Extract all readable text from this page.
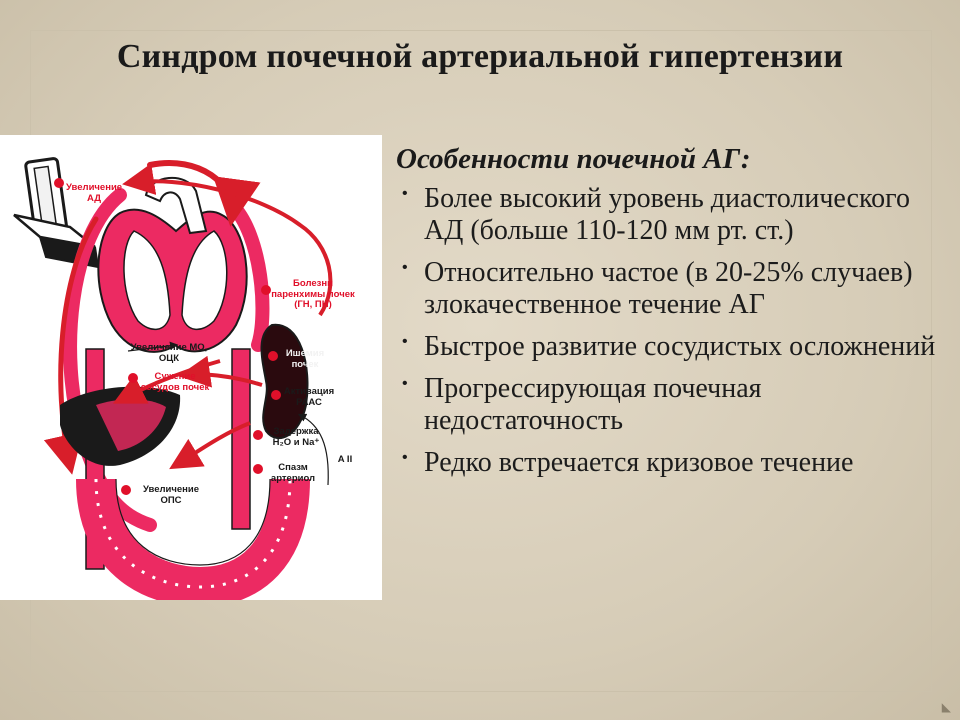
Синдром почечной артериальной гипертензии
Увеличение АД
Болезни паренхимы почек (ГН, ПН)
Увеличение МО, ОЦК	Ишемия почек
Сужение сосудов почек	Активация РААС
Задержка H₂O и Na⁺
A II
Спазм артериол
Увеличение ОПС
Особенности почечной АГ:
• Более высокий уровень диастолического АД (больше 110-120 мм рт. ст.)
• Относительно частое (в 20-25% случаев) злокачественное течение АГ
• Быстрое развитие сосудистых осложнений
• Прогрессирующая почечная недостаточность
• Редко встречается кризовое течение
◣
